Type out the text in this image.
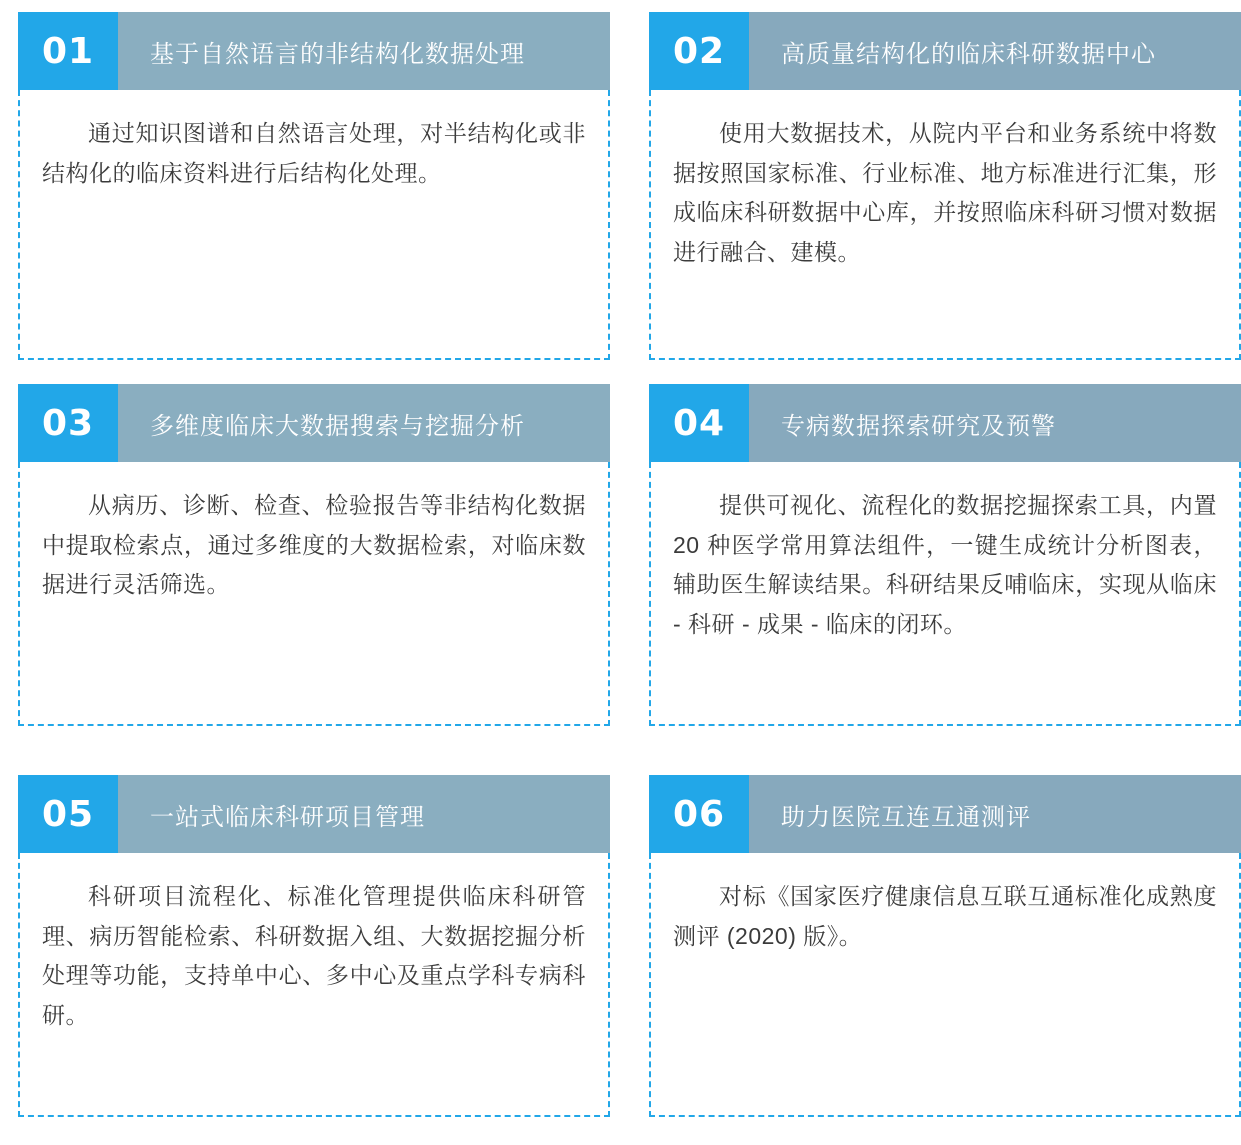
01	基于自然语言的非结构化数据处理

通过知识图谱和自然语言处理，对半结构化或非结构化的临床资料进行后结构化处理。

02	高质量结构化的临床科研数据中心

使用大数据技术，从院内平台和业务系统中将数据按照国家标准、行业标准、地方标准进行汇集，形成临床科研数据中心库，并按照临床科研习惯对数据进行融合、建模。

03	多维度临床大数据搜索与挖掘分析

从病历、诊断、检查、检验报告等非结构化数据中提取检索点，通过多维度的大数据检索，对临床数据进行灵活筛选。

04	专病数据探索研究及预警

提供可视化、流程化的数据挖掘探索工具，内置 20 种医学常用算法组件，一键生成统计分析图表，辅助医生解读结果。科研结果反哺临床，实现从临床 - 科研 - 成果 - 临床的闭环。

05	一站式临床科研项目管理

科研项目流程化、标准化管理提供临床科研管理、病历智能检索、科研数据入组、大数据挖掘分析处理等功能，支持单中心、多中心及重点学科专病科研。

06	助力医院互连互通测评

对标《国家医疗健康信息互联互通标准化成熟度测评 (2020) 版》。
